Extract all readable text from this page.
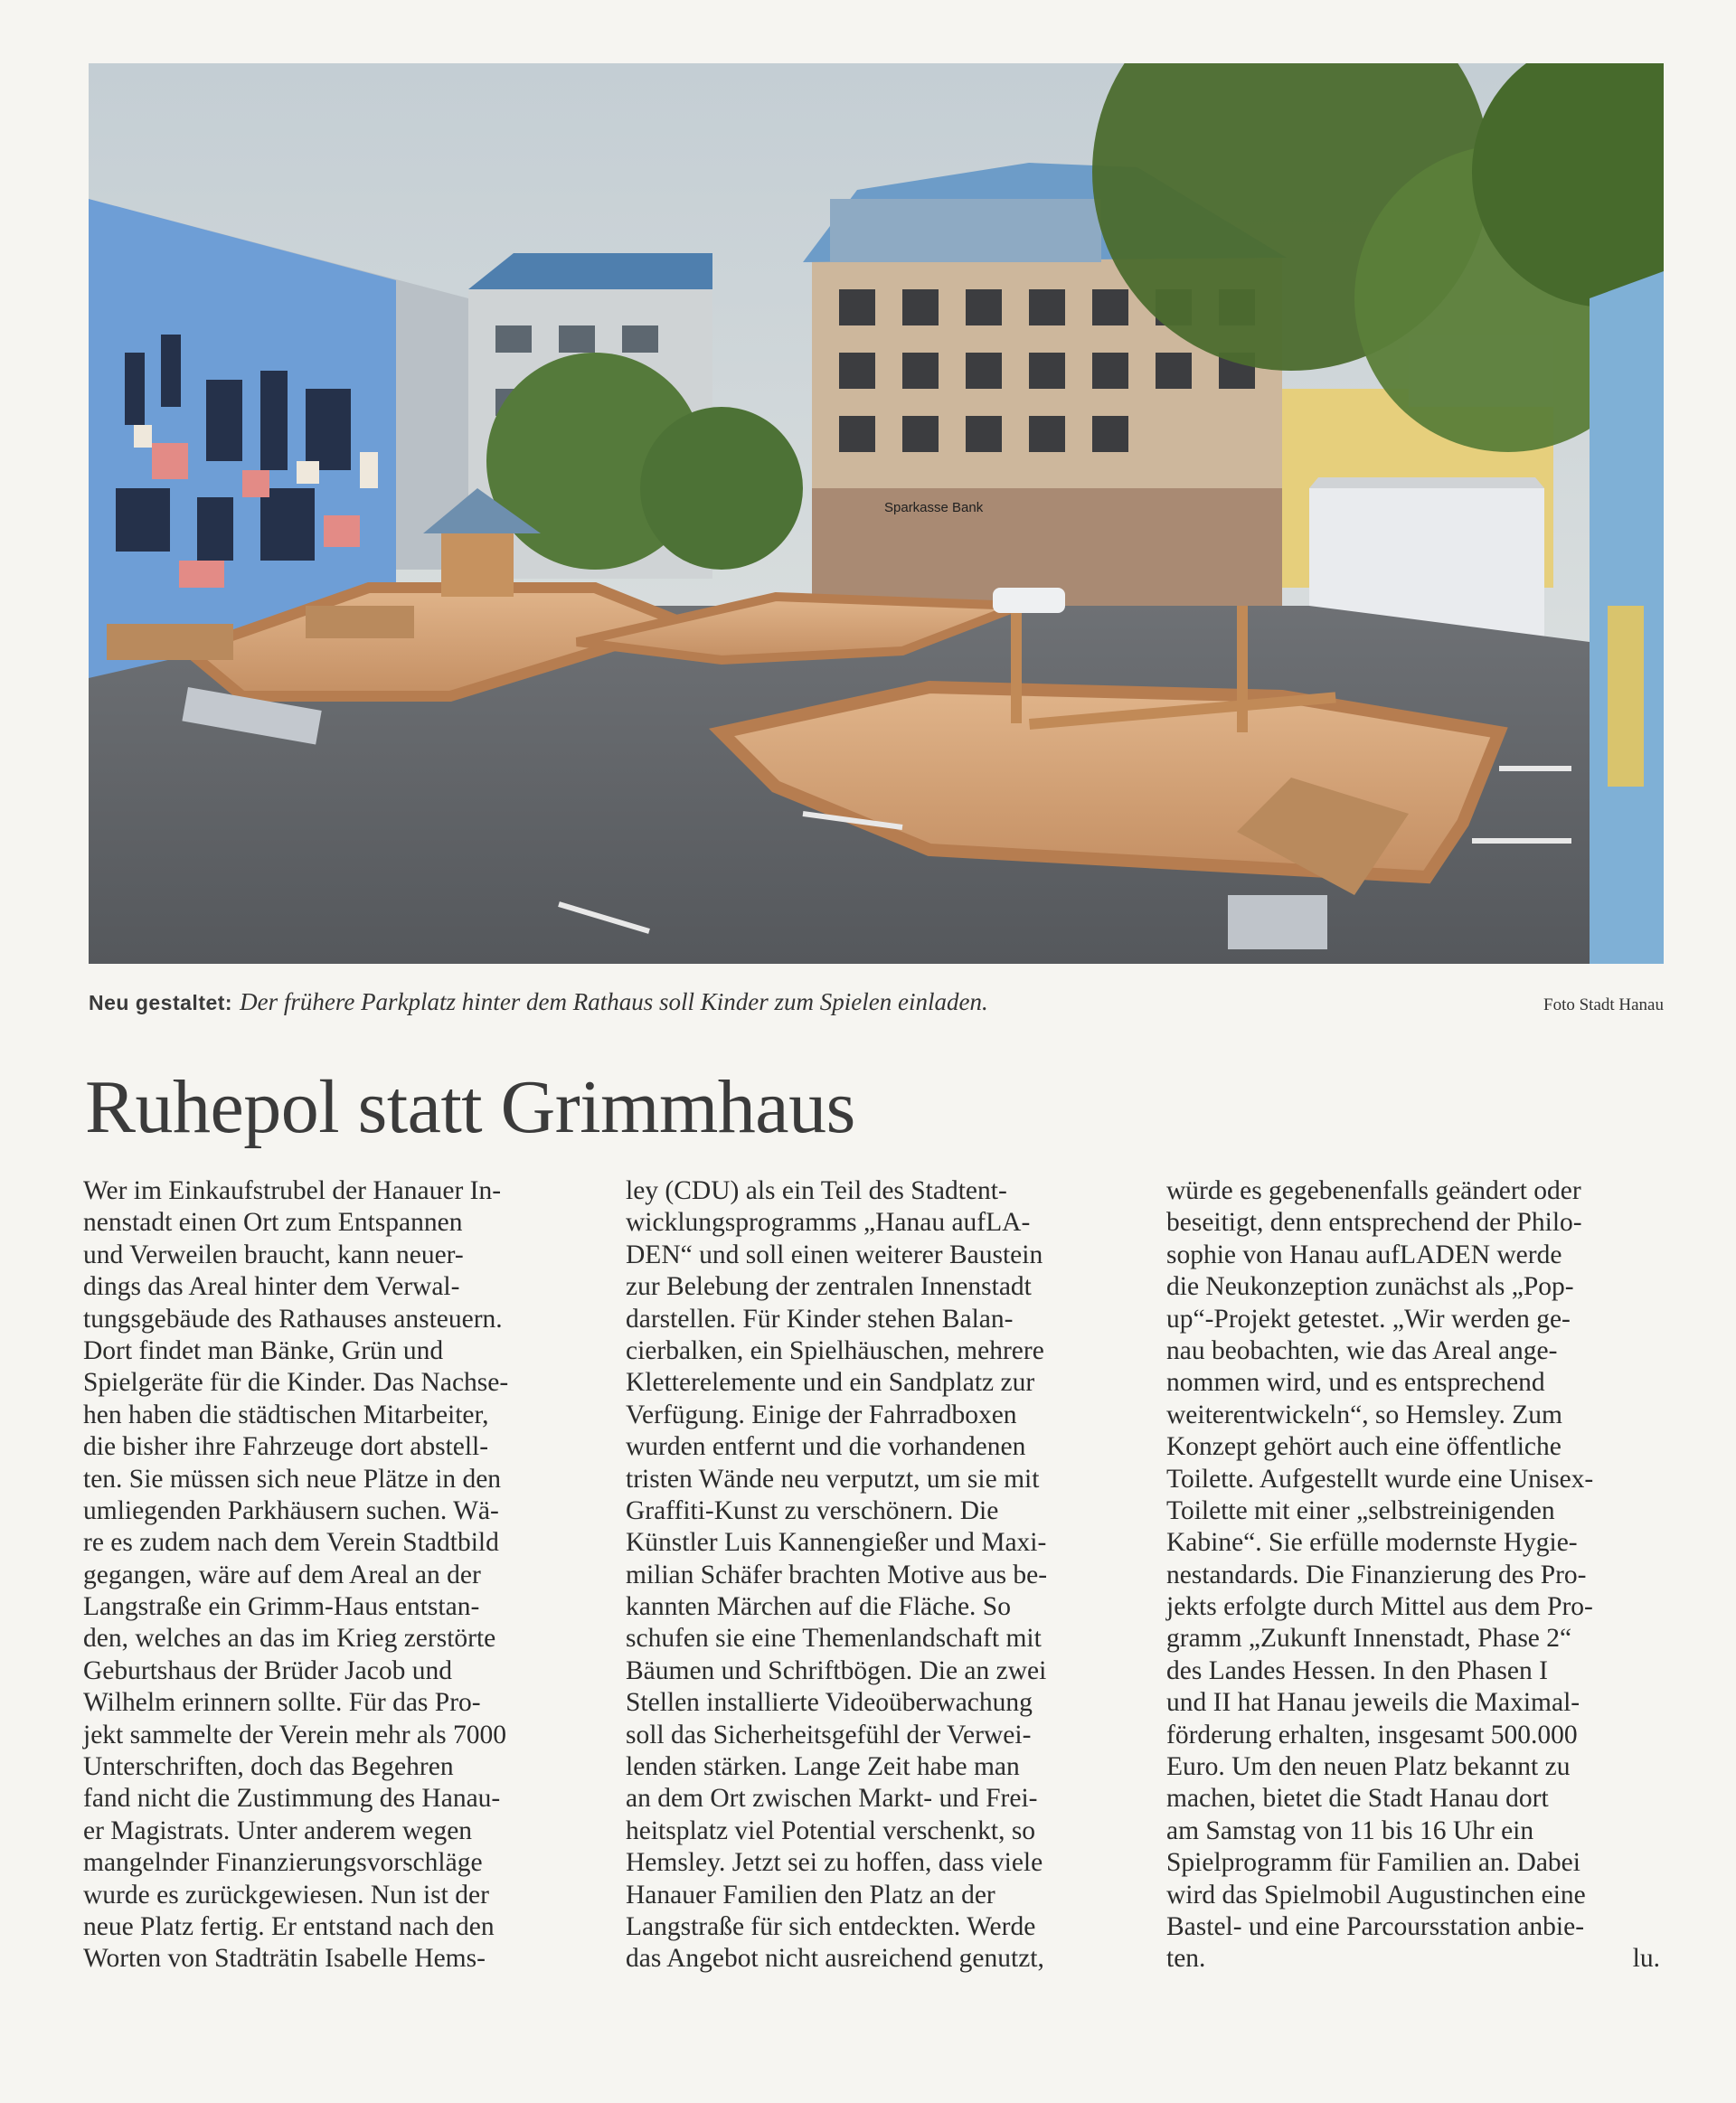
Sparkasse Bank
Neu gestaltet: Der frühere Parkplatz hinter dem Rathaus soll Kinder zum Spielen einladen.	Foto Stadt Hanau
Ruhepol statt Grimmhaus
Wer im Einkaufstrubel der Hanauer In-
nenstadt einen Ort zum Entspannen
und Verweilen braucht, kann neuer-
dings das Areal hinter dem Verwal-
tungsgebäude des Rathauses ansteuern.
Dort findet man Bänke, Grün und
Spielgeräte für die Kinder. Das Nachse-
hen haben die städtischen Mitarbeiter,
die bisher ihre Fahrzeuge dort abstell-
ten. Sie müssen sich neue Plätze in den
umliegenden Parkhäusern suchen. Wä-
re es zudem nach dem Verein Stadtbild
gegangen, wäre auf dem Areal an der
Langstraße ein Grimm-Haus entstan-
den, welches an das im Krieg zerstörte
Geburtshaus der Brüder Jacob und
Wilhelm erinnern sollte. Für das Pro-
jekt sammelte der Verein mehr als 7000
Unterschriften, doch das Begehren
fand nicht die Zustimmung des Hanau-
er Magistrats. Unter anderem wegen
mangelnder Finanzierungsvorschläge
wurde es zurückgewiesen. Nun ist der
neue Platz fertig. Er entstand nach den
Worten von Stadträtin Isabelle Hems-
ley (CDU) als ein Teil des Stadtent-
wicklungsprogramms „Hanau aufLA-
DEN“ und soll einen weiterer Baustein
zur Belebung der zentralen Innenstadt
darstellen. Für Kinder stehen Balan-
cierbalken, ein Spielhäuschen, mehrere
Kletterelemente und ein Sandplatz zur
Verfügung. Einige der Fahrradboxen
wurden entfernt und die vorhandenen
tristen Wände neu verputzt, um sie mit
Graffiti-Kunst zu verschönern. Die
Künstler Luis Kannengießer und Maxi-
milian Schäfer brachten Motive aus be-
kannten Märchen auf die Fläche. So
schufen sie eine Themenlandschaft mit
Bäumen und Schriftbögen. Die an zwei
Stellen installierte Videoüberwachung
soll das Sicherheitsgefühl der Verwei-
lenden stärken. Lange Zeit habe man
an dem Ort zwischen Markt- und Frei-
heitsplatz viel Potential verschenkt, so
Hemsley. Jetzt sei zu hoffen, dass viele
Hanauer Familien den Platz an der
Langstraße für sich entdeckten. Werde
das Angebot nicht ausreichend genutzt,
würde es gegebenenfalls geändert oder
beseitigt, denn entsprechend der Philo-
sophie von Hanau aufLADEN werde
die Neukonzeption zunächst als „Pop-
up“-Projekt getestet. „Wir werden ge-
nau beobachten, wie das Areal ange-
nommen wird, und es entsprechend
weiterentwickeln“, so Hemsley. Zum
Konzept gehört auch eine öffentliche
Toilette. Aufgestellt wurde eine Unisex-
Toilette mit einer „selbstreinigenden
Kabine“. Sie erfülle modernste Hygie-
nestandards. Die Finanzierung des Pro-
jekts erfolgte durch Mittel aus dem Pro-
gramm „Zukunft Innenstadt, Phase 2“
des Landes Hessen. In den Phasen I
und II hat Hanau jeweils die Maximal-
förderung erhalten, insgesamt 500.000
Euro. Um den neuen Platz bekannt zu
machen, bietet die Stadt Hanau dort
am Samstag von 11 bis 16 Uhr ein
Spielprogramm für Familien an. Dabei
wird das Spielmobil Augustinchen eine
Bastel- und eine Parcoursstation anbie-
ten.	lu.
